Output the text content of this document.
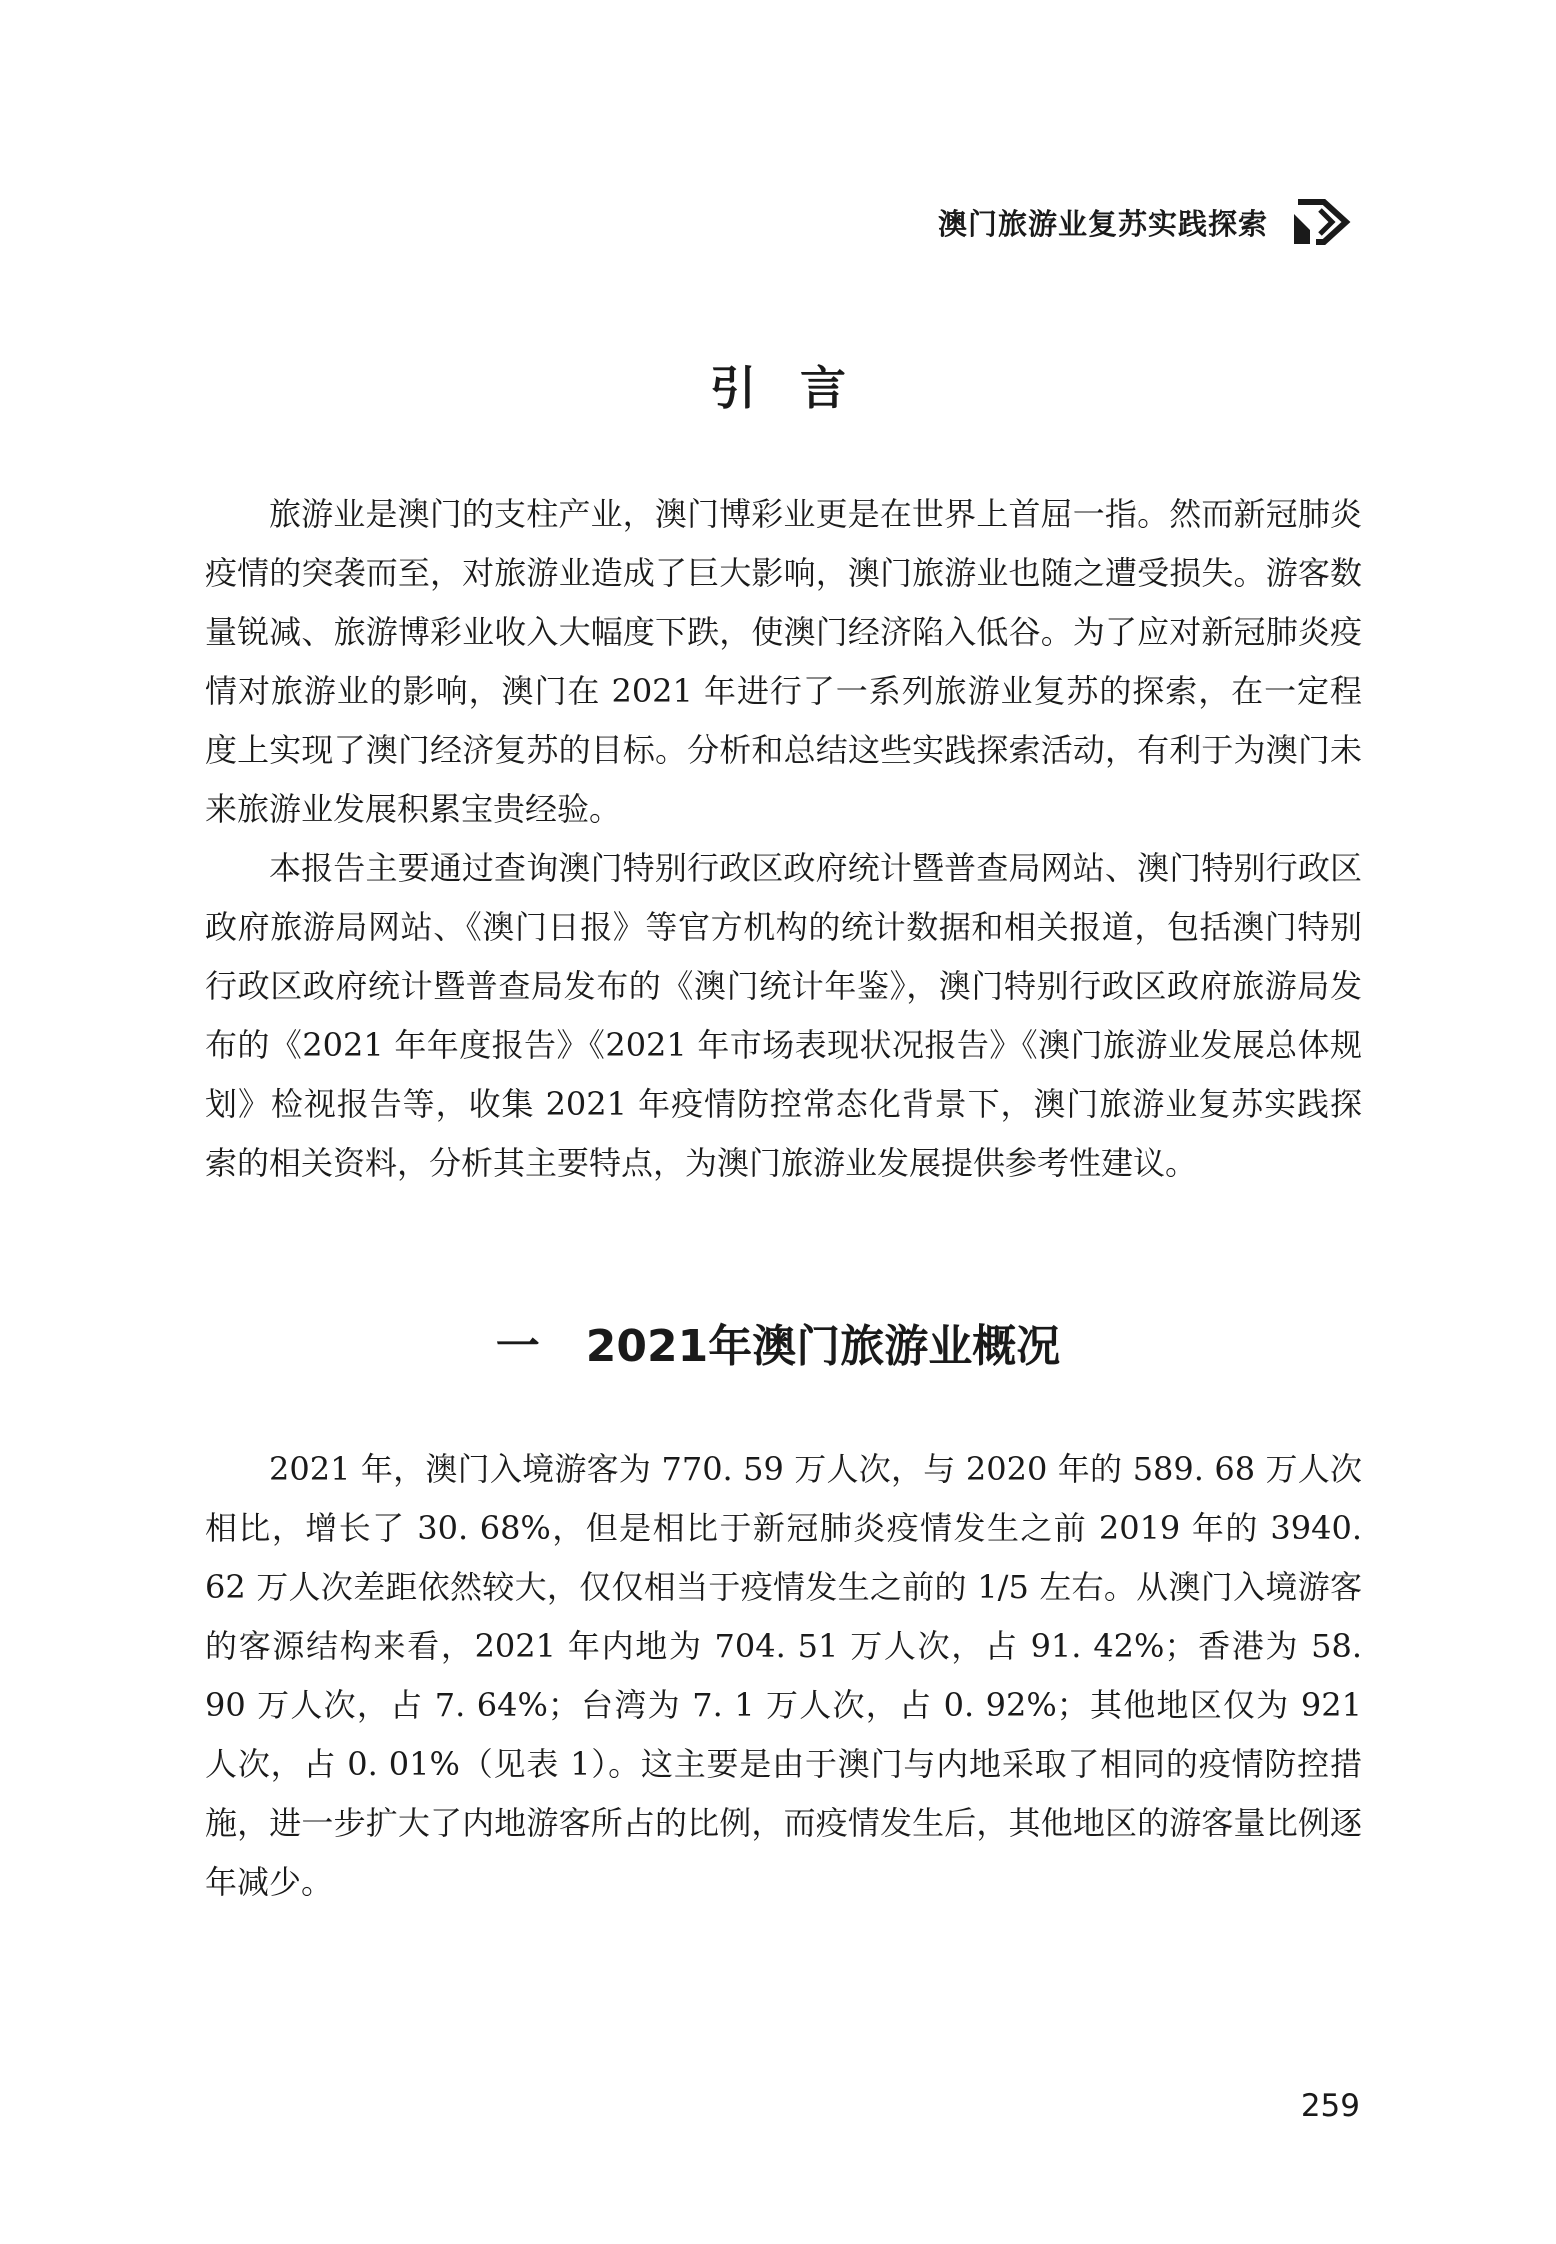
澳门旅游业复苏实践探索
引言

旅游业是澳门的支柱产业，澳门博彩业更是在世界上首屈一指。然而新冠肺炎疫情的突袭而至，对旅游业造成了巨大影响，澳门旅游业也随之遭受损失。游客数量锐减、旅游博彩业收入大幅度下跌，使澳门经济陷入低谷。为了应对新冠肺炎疫情对旅游业的影响，澳门在 2021 年进行了一系列旅游业复苏的探索，在一定程度上实现了澳门经济复苏的目标。分析和总结这些实践探索活动，有利于为澳门未来旅游业发展积累宝贵经验。

本报告主要通过查询澳门特别行政区政府统计暨普查局网站、澳门特别行政区政府旅游局网站、《澳门日报》等官方机构的统计数据和相关报道，包括澳门特别行政区政府统计暨普查局发布的《澳门统计年鉴》，澳门特别行政区政府旅游局发布的《2021 年年度报告》《2021 年市场表现状况报告》《澳门旅游业发展总体规划》检视报告等，收集 2021 年疫情防控常态化背景下，澳门旅游业复苏实践探索的相关资料，分析其主要特点，为澳门旅游业发展提供参考性建议。

一 2021年澳门旅游业概况

2021 年，澳门入境游客为 770. 59 万人次，与 2020 年的 589. 68 万人次相比，增长了 30. 68%，但是相比于新冠肺炎疫情发生之前 2019 年的 3940. 62 万人次差距依然较大，仅仅相当于疫情发生之前的 1/5 左右。从澳门入境游客的客源结构来看，2021 年内地为 704. 51 万人次，占 91. 42%；香港为 58. 90 万人次，占 7. 64%；台湾为 7. 1 万人次，占 0. 92%；其他地区仅为 921 人次，占 0. 01%（见表 1）。这主要是由于澳门与内地采取了相同的疫情防控措施，进一步扩大了内地游客所占的比例，而疫情发生后，其他地区的游客量比例逐年减少。

259
